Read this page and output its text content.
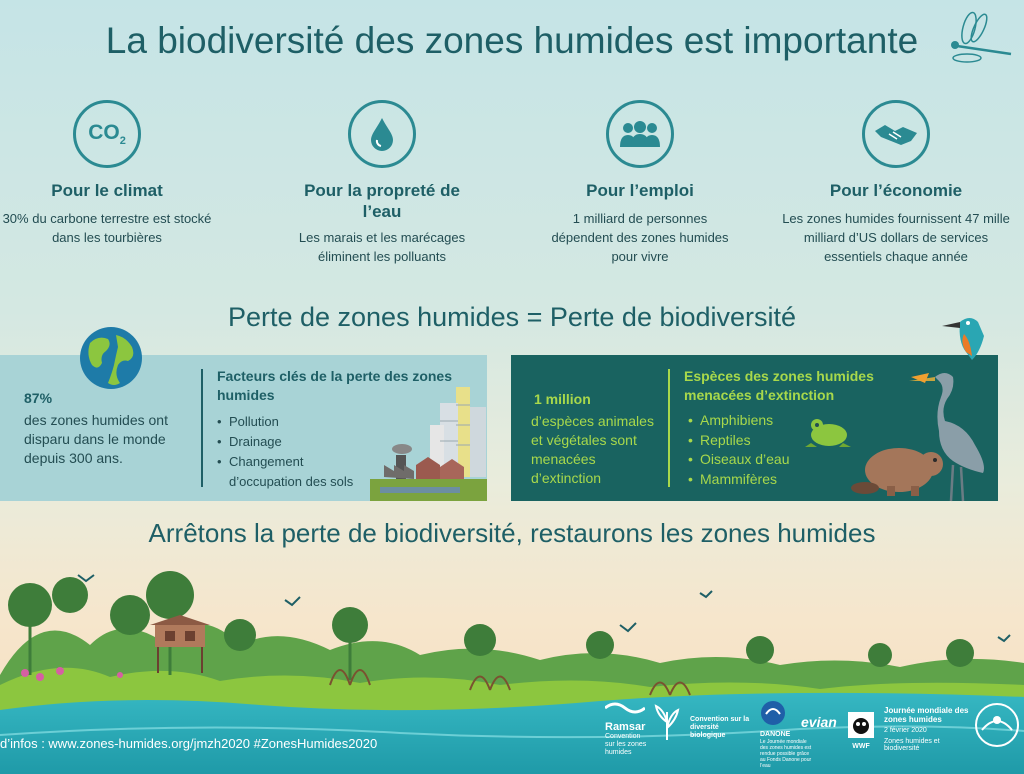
La biodiversité des zones humides est importante
$CO_2$
Pour le climat
30% du carbone terrestre est stocké dans les tourbières
Pour la propreté de l’eau
Les marais et les marécages éliminent les polluants
Pour l’emploi
1 milliard de personnes dépendent des zones humides pour vivre
Pour l’économie
Les zones humides fournissent 47 mille milliard d’US dollars de services essentiels chaque année
Perte de zones humides = Perte de biodiversité
87%
des zones humides ont disparu dans le monde depuis 300 ans.
Facteurs clés de la perte des zones humides
• Pollution
• Drainage
• Changement d’occupation des sols
1 million
d’espèces animales et végétales sont menacées d’extinction
Espèces des zones humides menacées d’extinction
• Amphibiens
• Reptiles
• Oiseaux d’eau
• Mammifères
Arrêtons la perte de biodiversité, restaurons les zones humides
d’infos : www.zones-humides.org/jmzh2020 #ZonesHumides2020
Ramsar
Convention sur les zones humides
Convention sur la diversité biologique	DANONE
Le Journée mondiale des zones humides est rendue possible grâce au Fonds Danone pour l’eau
evian
WWF
Journée mondiale des zones humides
2 février 2020
Zones humides et biodiversité
